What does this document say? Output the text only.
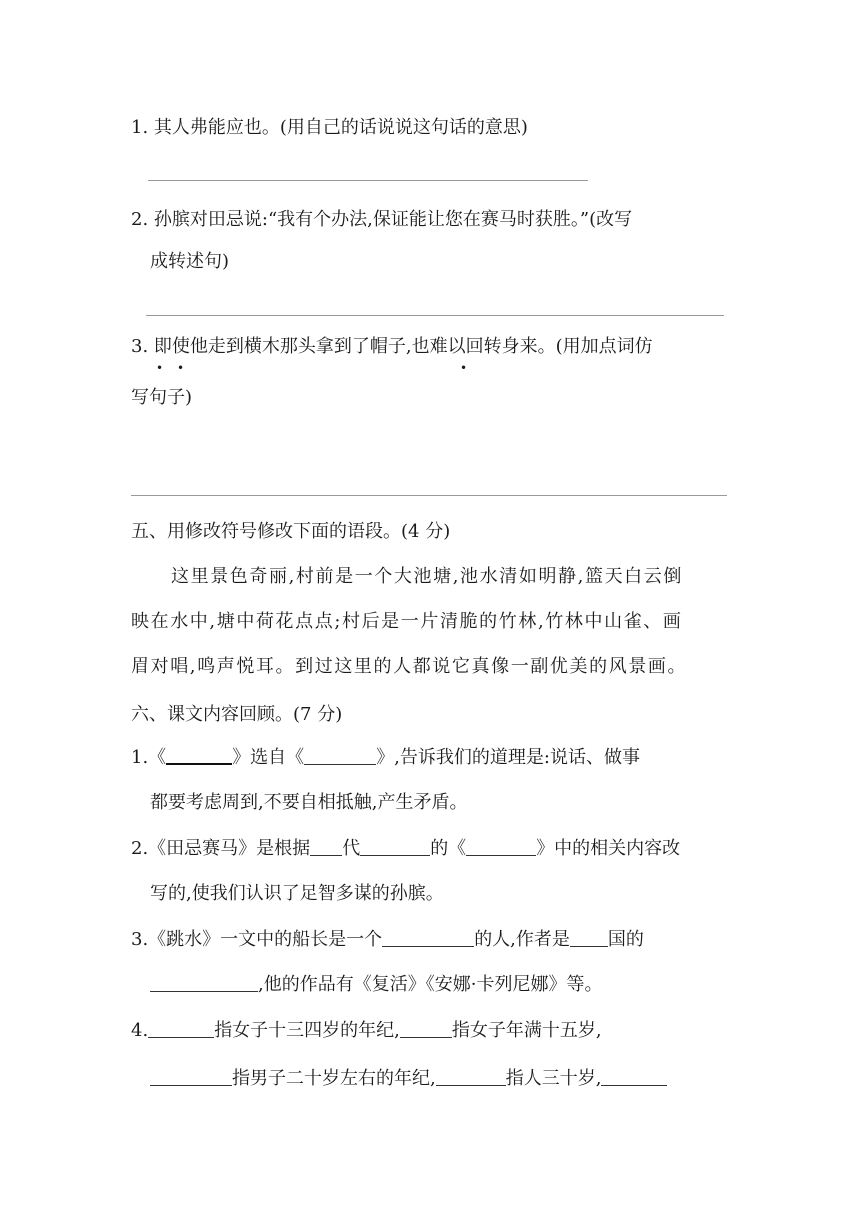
1. 其人弗能应也。(用自己的话说说这句话的意思)
2. 孙膑对田忌说:“我有个办法,保证能让您在赛马时获胜。”(改写
成转述句)
3. 即使他走到横木那头拿到了帽子,也难以回转身来。(用加点词仿
• •	•
写句子)
五、用修改符号修改下面的语段。(4 分)
这里景色奇丽,村前是一个大池塘,池水清如明静,篮天白云倒
映在水中,塘中荷花点点;村后是一片清脆的竹林,竹林中山雀、画
眉对唱,鸣声悦耳。到过这里的人都说它真像一副优美的风景画。
六、课文内容回顾。(7 分)
1.《	》选自《	》,告诉我们的道理是:说话、做事
都要考虑周到,不要自相抵触,产生矛盾。
2.《田忌赛马》是根据 代	的《	》中的相关内容改
写的,使我们认识了足智多谋的孙膑。
3.《跳水》一文中的船长是一个	的人,作者是 国的
,他的作品有《复活》《安娜·卡列尼娜》等。
4.	指女子十三四岁的年纪,	指女子年满十五岁,
指男子二十岁左右的年纪,	指人三十岁,
